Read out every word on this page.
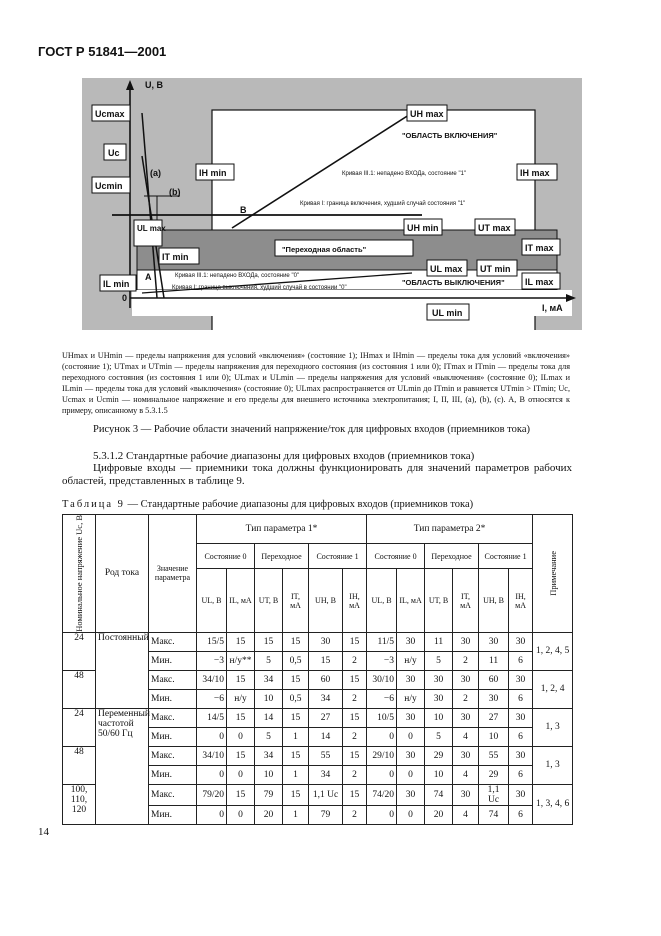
ГОСТ Р 51841—2001
U, B
I, мА
0
Ucmax
Uc
Ucmin
(a)
(b)
UL max
IH min	IH max
UH max
UH min	UT max
IT min
IT max
IL min	IL max
UL max UT min
UL min
A
B
"ОБЛАСТЬ ВКЛЮЧЕНИЯ"
"Переходная область"
"ОБЛАСТЬ ВЫКЛЮЧЕНИЯ"
Кривая III.1: непадено ВХОДа, состояние "1"
Кривая I: граница включения, худший случай состояния "1"
Кривая III.1: непадено ВХОДа, состояние "0"
Кривая I: граница выключения, худший случай в состоянии "0"
UHmax и UHmin — пределы напряжения для условий «включения» (состояние 1); IHmax и IHmin — пределы тока для условий «включения» (состояние 1); UTmax и UTmin — пределы напряжения для переходного состояния (из состояния 1 или 0); ITmax и ITmin — пределы тока для переходного состояния (из состояния 1 или 0); ULmax и ULmin — пределы напряжения для условий «выключения» (состояние 0); ILmax и ILmin — пределы тока для условий «выключения» (состояние 0); ULmax распространяется от ULmin до ITmin и равняется UTmin > ITmin; Uc, Ucmax и Ucmin — номинальное напряжение и его пределы для внешнего источника электропитания; I, II, III, (a), (b), (c). A, B относятся к примеру, описанному в 5.3.1.5
Рисунок 3 — Рабочие области значений напряжение/ток для цифровых входов (приемников тока)
5.3.1.2 Стандартные рабочие диапазоны для цифровых входов (приемников тока)
Цифровые входы — приемники тока должны функционировать для значений параметров рабочих областей, представленных в таблице 9.
Таблица 9 — Стандартные рабочие диапазоны для цифровых входов (приемников тока)
Номинальное напряжение Uc, В	Род тока	Значение параметра	Тип параметра 1*						Тип параметра 2*						Примечание

			Состояние 0		Переходное		Состояние 1		Состояние 0		Переходное		Состояние 1		
			UL, В	IL, мА	UT, В	IT, мА	UH, В	IH, мА	UL, В	IL, мА	UT, В	IT, мА	UH, В	IH, мА	
24	Постоянный	Макс.	15/5	15	15	15	30	15	11/5	30	11	30	30	30	1, 2, 4, 5
		Мин.	−3	н/у**	5	0,5	15	2	−3	н/у	5	2	11	6	
48		Макс.	34/10	15	34	15	60	15	30/10	30	30	30	60	30	1, 2, 4
		Мин.	−6	н/у	10	0,5	34	2	−6	н/у	30	2	30	6	
24	Переменный частотой 50/60 Гц	Макс.	14/5	15	14	15	27	15	10/5	30	10	30	27	30	1, 3
		Мин.	0	0	5	1	14	2	0	0	5	4	10	6	
48		Макс.	34/10	15	34	15	55	15	29/10	30	29	30	55	30	1, 3
		Мин.	0	0	10	1	34	2	0	0	10	4	29	6	
100, 110, 120		Макс.	79/20	15	79	15	1,1 Uс	15	74/20	30	74	30	1,1 Uс	30	1, 3, 4, 6
		Мин.	0	0	20	1	79	2	0	0	20	4	74	6	
14
